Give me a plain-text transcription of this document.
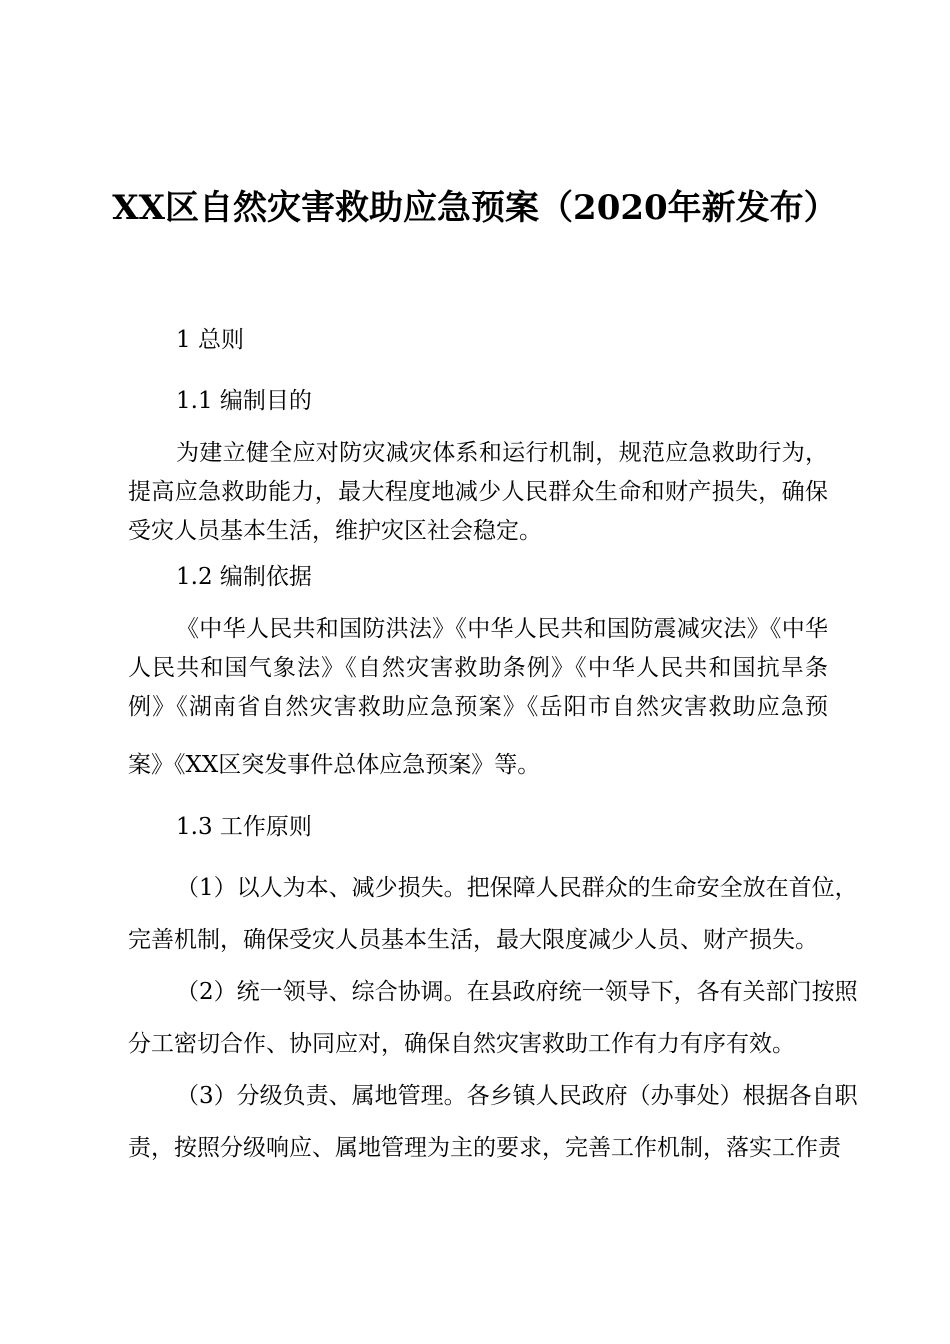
XX区自然灾害救助应急预案（2020年新发布）
1 总则
1.1 编制目的
为建立健全应对防灾减灾体系和运行机制，规范应急救助行为，
提高应急救助能力，最大程度地减少人民群众生命和财产损失，确保
受灾人员基本生活，维护灾区社会稳定。
1.2 编制依据
《中华人民共和国防洪法》《中华人民共和国防震减灾法》《中华
人民共和国气象法》《自然灾害救助条例》《中华人民共和国抗旱条
例》《湖南省自然灾害救助应急预案》《岳阳市自然灾害救助应急预
案》《XX区突发事件总体应急预案》等。
1.3 工作原则
（1）以人为本、减少损失。把保障人民群众的生命安全放在首位，
完善机制，确保受灾人员基本生活，最大限度减少人员、财产损失。
（2）统一领导、综合协调。在县政府统一领导下，各有关部门按照
分工密切合作、协同应对，确保自然灾害救助工作有力有序有效。
（3）分级负责、属地管理。各乡镇人民政府（办事处）根据各自职
责，按照分级响应、属地管理为主的要求，完善工作机制，落实工作责
